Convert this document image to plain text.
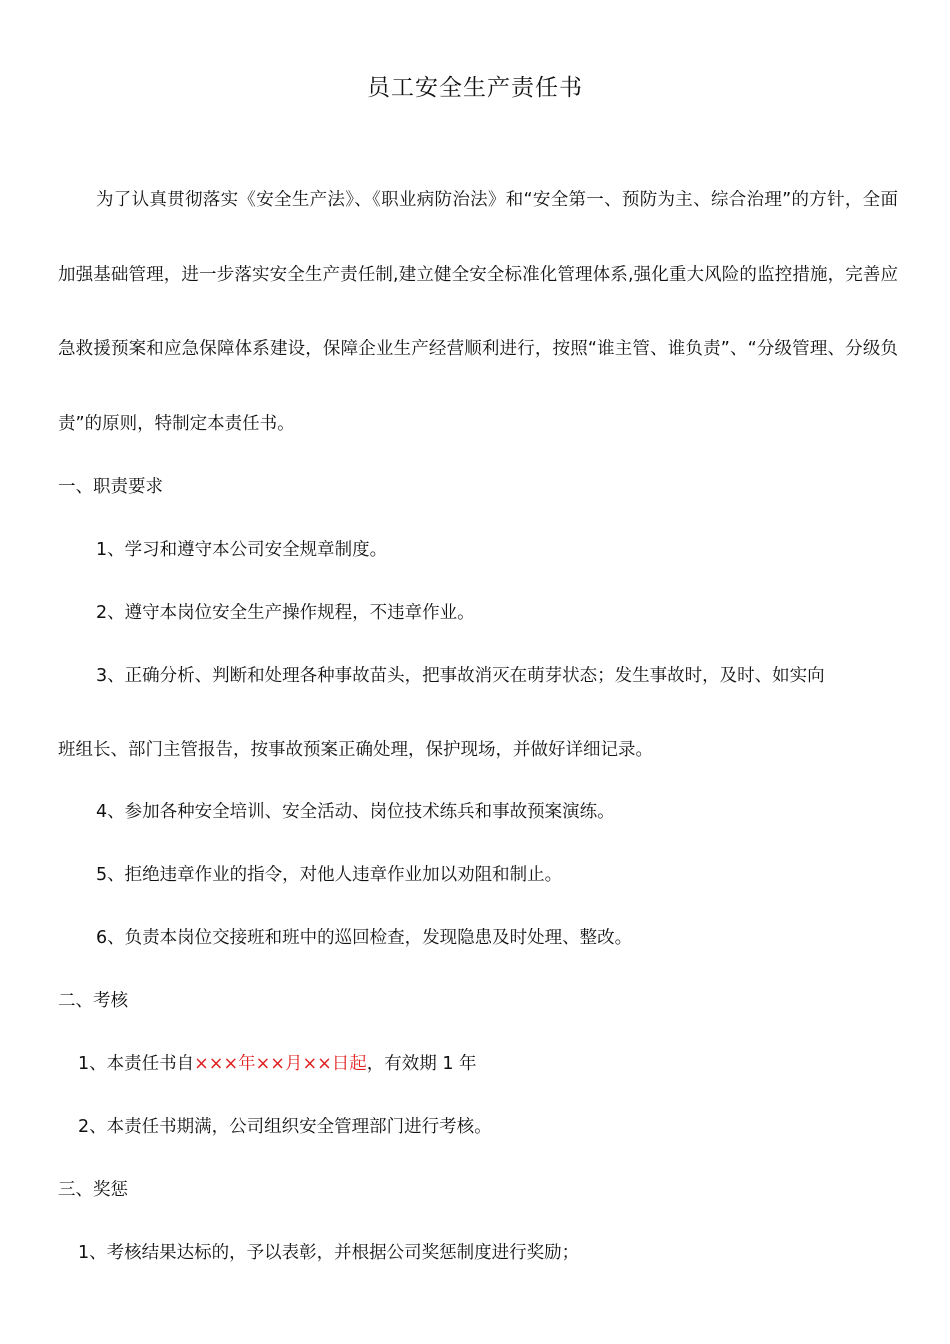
员工安全生产责任书
为了认真贯彻落实《安全生产法》、《职业病防治法》和“安全第一、预防为主、综合治理”的方针，全面加强基础管理，进一步落实安全生产责任制,建立健全安全标准化管理体系,强化重大风险的监控措施，完善应急救援预案和应急保障体系建设，保障企业生产经营顺利进行，按照“谁主管、谁负责”、“分级管理、分级负责”的原则，特制定本责任书。
一、职责要求
1、学习和遵守本公司安全规章制度。
2、遵守本岗位安全生产操作规程，不违章作业。
3、正确分析、判断和处理各种事故苗头，把事故消灭在萌芽状态；发生事故时，及时、如实向
班组长、部门主管报告，按事故预案正确处理，保护现场，并做好详细记录。
4、参加各种安全培训、安全活动、岗位技术练兵和事故预案演练。
5、拒绝违章作业的指令，对他人违章作业加以劝阻和制止。
6、负责本岗位交接班和班中的巡回检查，发现隐患及时处理、整改。
二、考核
1、本责任书自×××年××月××日起，有效期 1 年
2、本责任书期满，公司组织安全管理部门进行考核。
三、奖惩
1、考核结果达标的，予以表彰，并根据公司奖惩制度进行奖励；
